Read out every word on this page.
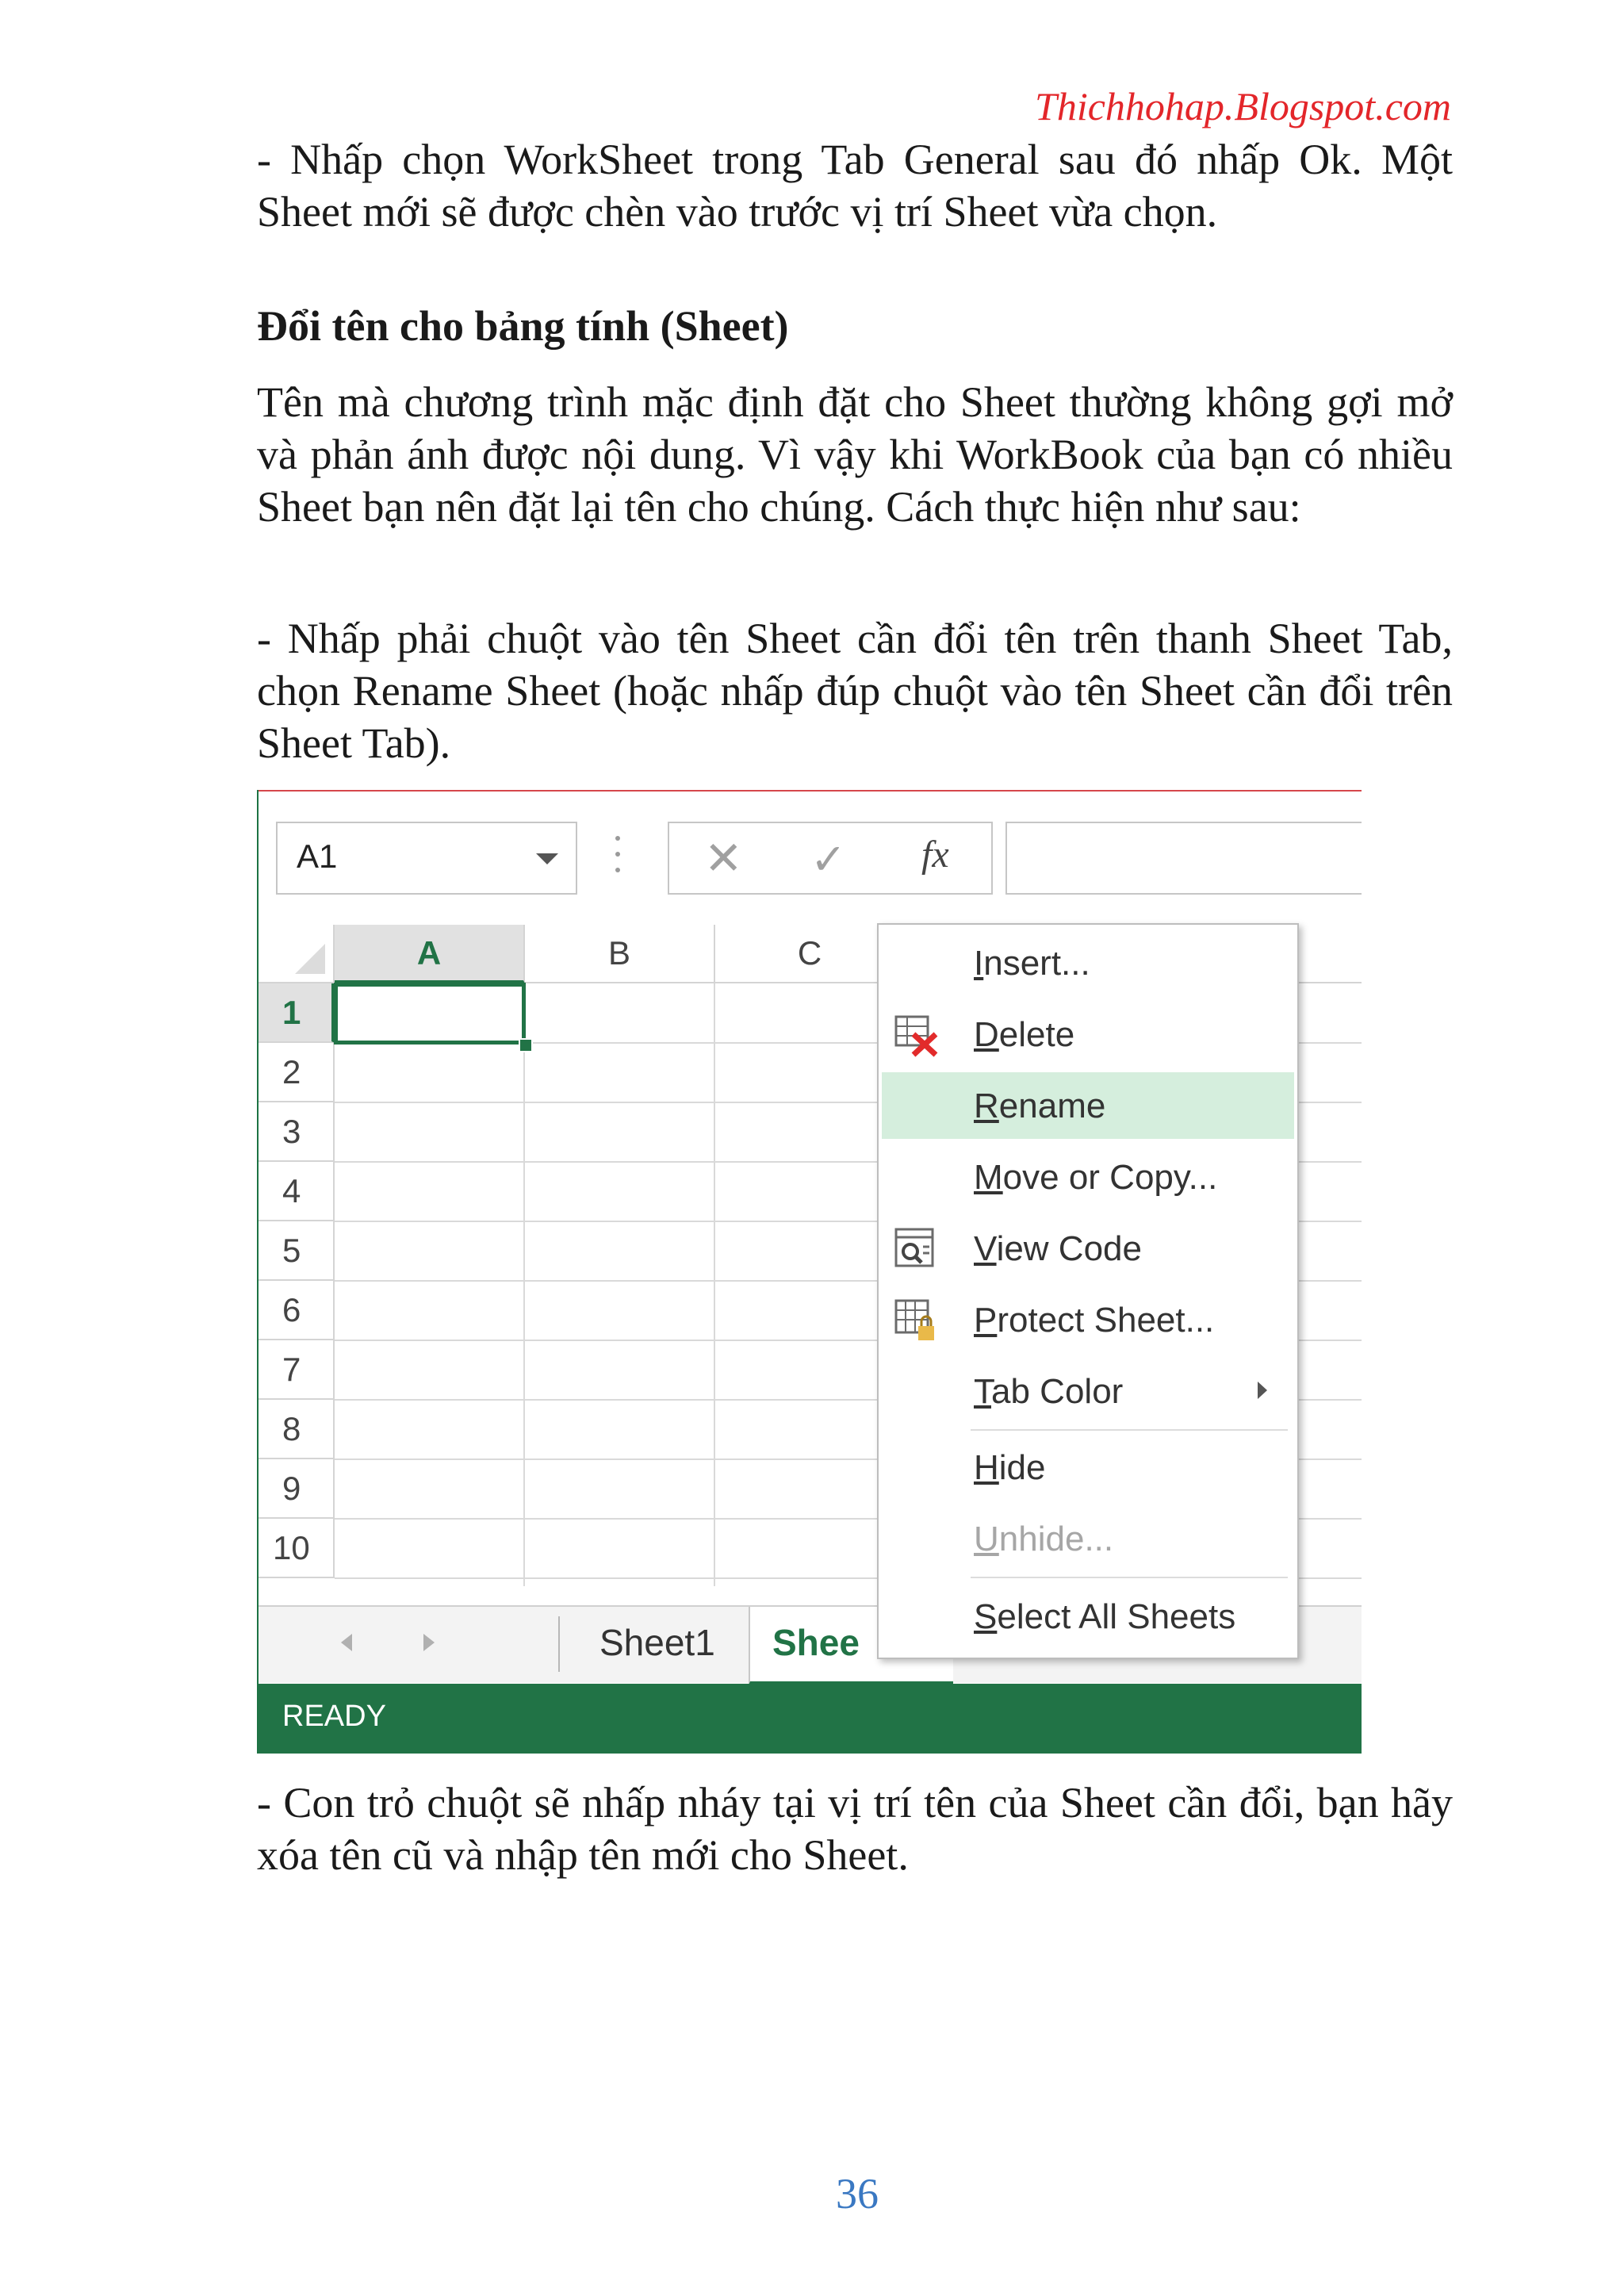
Thichhohap.Blogspot.com
- Nhấp chọn WorkSheet trong Tab General sau đó nhấp Ok. Một Sheet mới sẽ được chèn vào trước vị trí Sheet vừa chọn.
Đổi tên cho bảng tính (Sheet)
Tên mà chương trình mặc định đặt cho Sheet thường không gợi mở và phản ánh được nội dung. Vì vậy khi WorkBook của bạn có nhiều Sheet bạn nên đặt lại tên cho chúng. Cách thực hiện như sau:
- Nhấp phải chuột vào tên Sheet cần đổi tên trên thanh Sheet Tab, chọn Rename Sheet (hoặc nhấp đúp chuột vào tên Sheet cần đổi trên Sheet Tab).
A1	✕ ✓ fx
A	B	C
1
2
3
4
5
6
7
8
9
10
Sheet1	Shee
READY
Insert...
Delete
Rename
Move or Copy...
View Code
Protect Sheet...
Tab Color
Hide
Unhide...
Select All Sheets
- Con trỏ chuột sẽ nhấp nháy tại vị trí tên của Sheet cần đổi, bạn hãy xóa tên cũ và nhập tên mới cho Sheet.
36
